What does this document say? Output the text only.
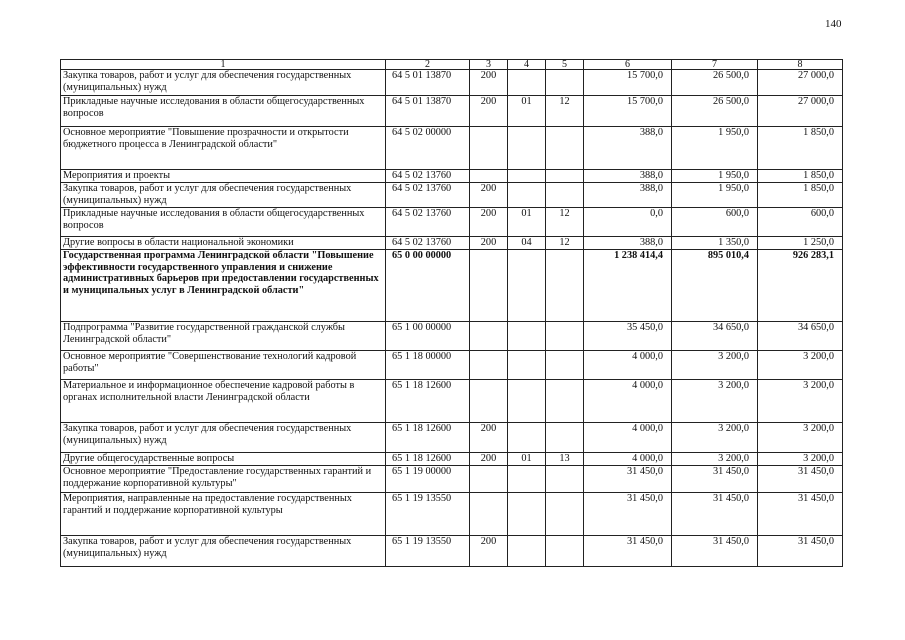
140
1	2	3	4	5	6	7	8
Закупка товаров, работ и услуг для обеспечения государственных (муниципальных) нужд	64 5 01 13870	200			15 700,0	26 500,0	27 000,0
Прикладные научные исследования в области общегосударственных вопросов	64 5 01 13870	200	01	12	15 700,0	26 500,0	27 000,0
Основное мероприятие "Повышение прозрачности и открытости бюджетного процесса в Ленинградской области"	64 5 02 00000				388,0	1 950,0	1 850,0
Мероприятия и проекты	64 5 02 13760				388,0	1 950,0	1 850,0
Закупка товаров, работ и услуг для обеспечения государственных (муниципальных) нужд	64 5 02 13760	200			388,0	1 950,0	1 850,0
Прикладные научные исследования в области общегосударственных вопросов	64 5 02 13760	200	01	12	0,0	600,0	600,0
Другие вопросы в области национальной экономики	64 5 02 13760	200	04	12	388,0	1 350,0	1 250,0
Государственная программа Ленинградской области "Повышение эффективности государственного управления и снижение административных барьеров при предоставлении государственных и муниципальных услуг в Ленинградской области"	65 0 00 00000				1 238 414,4	895 010,4	926 283,1
Подпрограмма "Развитие государственной гражданской службы Ленинградской области"	65 1 00 00000				35 450,0	34 650,0	34 650,0
Основное мероприятие "Совершенствование технологий кадровой работы"	65 1 18 00000				4 000,0	3 200,0	3 200,0
Материальное и информационное обеспечение кадровой работы в органах исполнительной власти Ленинградской области	65 1 18 12600				4 000,0	3 200,0	3 200,0
Закупка товаров, работ и услуг для обеспечения государственных (муниципальных) нужд	65 1 18 12600	200			4 000,0	3 200,0	3 200,0
Другие общегосударственные вопросы	65 1 18 12600	200	01	13	4 000,0	3 200,0	3 200,0
Основное мероприятие "Предоставление государственных гарантий и поддержание корпоративной культуры"	65 1 19 00000				31 450,0	31 450,0	31 450,0
Мероприятия, направленные на предоставление государственных гарантий и поддержание корпоративной культуры	65 1 19 13550				31 450,0	31 450,0	31 450,0
Закупка товаров, работ и услуг для обеспечения государственных (муниципальных) нужд	65 1 19 13550	200			31 450,0	31 450,0	31 450,0
